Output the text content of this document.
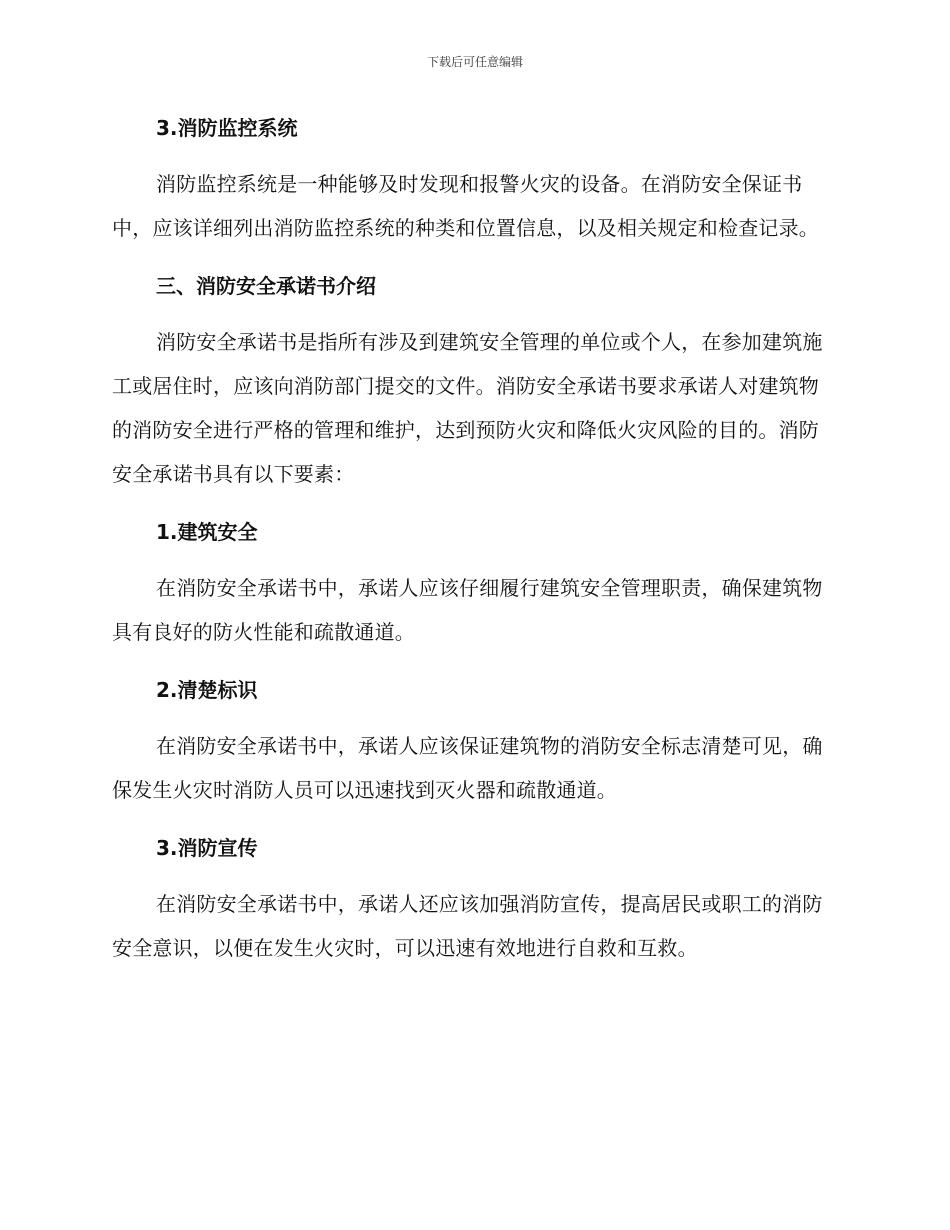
下载后可任意编辑
3.消防监控系统

消防监控系统是一种能够及时发现和报警火灾的设备。在消防安全保证书中，应该详细列出消防监控系统的种类和位置信息，以及相关规定和检查记录。

三、消防安全承诺书介绍

消防安全承诺书是指所有涉及到建筑安全管理的单位或个人，在参加建筑施工或居住时，应该向消防部门提交的文件。消防安全承诺书要求承诺人对建筑物的消防安全进行严格的管理和维护，达到预防火灾和降低火灾风险的目的。消防安全承诺书具有以下要素：

1.建筑安全

在消防安全承诺书中，承诺人应该仔细履行建筑安全管理职责，确保建筑物具有良好的防火性能和疏散通道。

2.清楚标识

在消防安全承诺书中，承诺人应该保证建筑物的消防安全标志清楚可见，确保发生火灾时消防人员可以迅速找到灭火器和疏散通道。

3.消防宣传

在消防安全承诺书中，承诺人还应该加强消防宣传，提高居民或职工的消防安全意识，以便在发生火灾时，可以迅速有效地进行自救和互救。
